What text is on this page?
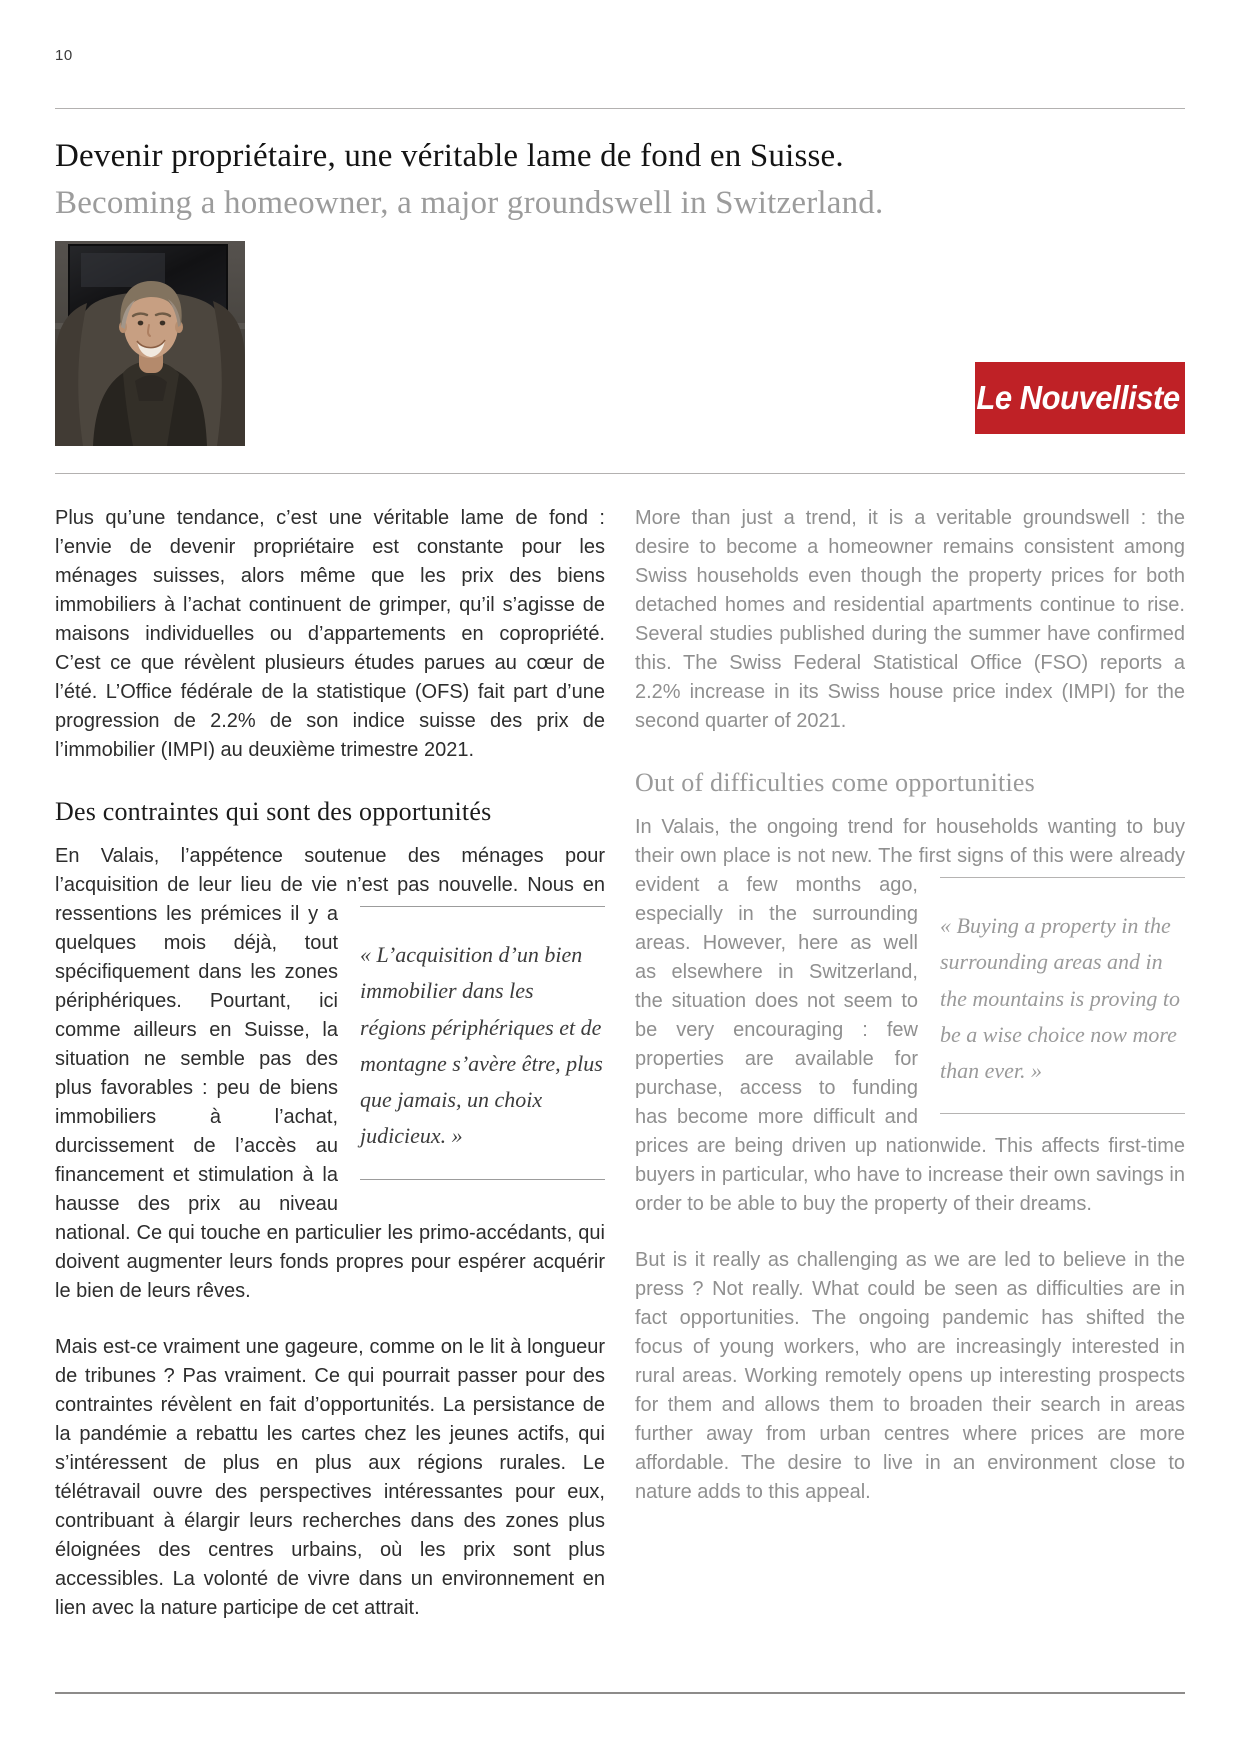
10
Devenir propriétaire, une véritable lame de fond en Suisse.
Becoming a homeowner, a major groundswell in Switzerland.
Le Nouvelliste

Plus qu’une tendance, c’est une véritable lame de fond : l’envie de devenir propriétaire est constante pour les ménages suisses, alors même que les prix des biens immobiliers à l’achat continuent de grimper, qu’il s’agisse de maisons individuelles ou d’appartements en copropriété. C’est ce que révèlent plusieurs études parues au cœur de l’été. L’Office fédérale de la statistique (OFS) fait part d’une progression de 2.2% de son indice suisse des prix de l’immobilier (IMPI) au deuxième trimestre 2021.

Des contraintes qui sont des opportunités
En Valais, l’appétence soutenue des ménages pour l’acquisition de leur lieu de vie n’est pas nouvelle. Nous en
« L’acquisition d’un bien immobilier dans les régions périphériques et de montagne s’avère être, plus que jamais, un choix judicieux. »
ressentions les prémices il y a quelques mois déjà, tout spécifiquement dans les zones périphériques. Pourtant, ici comme ailleurs en Suisse, la situation ne semble pas des plus favorables : peu de biens immobiliers à l’achat, durcissement de l’accès au financement et stimulation à la hausse des prix au niveau national. Ce qui touche en particulier les primo-accédants, qui doivent augmenter leurs fonds propres pour espérer acquérir le bien de leurs rêves.

Mais est-ce vraiment une gageure, comme on le lit à longueur de tribunes ? Pas vraiment. Ce qui pourrait passer pour des contraintes révèlent en fait d’opportunités. La persistance de la pandémie a rebattu les cartes chez les jeunes actifs, qui s’intéressent de plus en plus aux régions rurales. Le télétravail ouvre des perspectives intéressantes pour eux, contribuant à élargir leurs recherches dans des zones plus éloignées des centres urbains, où les prix sont plus accessibles. La volonté de vivre dans un environnement en lien avec la nature participe de cet attrait.

More than just a trend, it is a veritable groundswell : the desire to become a homeowner remains consistent among Swiss households even though the property prices for both detached homes and residential apartments continue to rise. Several studies published during the summer have confirmed this. The Swiss Federal Statistical Office (FSO) reports a 2.2% increase in its Swiss house price index (IMPI) for the second quarter of 2021.

Out of difficulties come opportunities
In Valais, the ongoing trend for households wanting to buy their own place is not new. The first signs of this were already
« Buying a property in the surrounding areas and in the mountains is proving to be a wise choice now more than ever. »
evident a few months ago, especially in the surrounding areas. However, here as well as elsewhere in Switzerland, the situation does not seem to be very encouraging : few properties are available for purchase, access to funding has become more difficult and prices are being driven up nationwide. This affects first-time buyers in particular, who have to increase their own savings in order to be able to buy the property of their dreams.

But is it really as challenging as we are led to believe in the press ? Not really. What could be seen as difficulties are in fact opportunities. The ongoing pandemic has shifted the focus of young workers, who are increasingly interested in rural areas. Working remotely opens up interesting prospects for them and allows them to broaden their search in areas further away from urban centres where prices are more affordable. The desire to live in an environment close to nature adds to this appeal.
